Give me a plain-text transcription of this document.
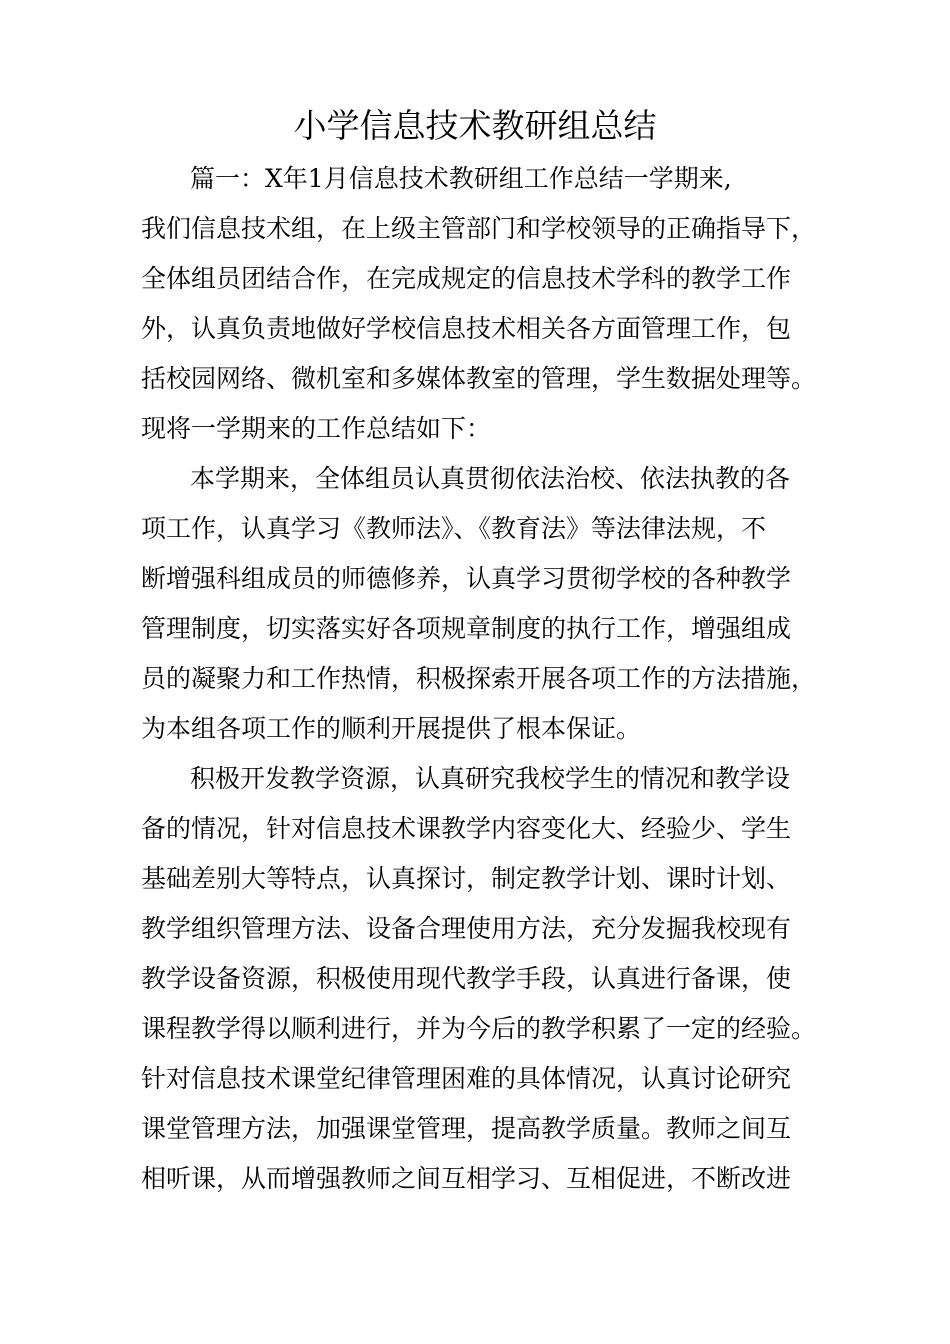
小学信息技术教研组总结

篇一：X年1月信息技术教研组工作总结一学期来,

我们信息技术组，在上级主管部门和学校领导的正确指导下，

全体组员团结合作，在完成规定的信息技术学科的教学工作

外，认真负责地做好学校信息技术相关各方面管理工作，包

括校园网络、微机室和多媒体教室的管理，学生数据处理等。

现将一学期来的工作总结如下：

本学期来，全体组员认真贯彻依法治校、依法执教的各

项工作，认真学习《教师法》、《教育法》等法律法规，不

断增强科组成员的师德修养，认真学习贯彻学校的各种教学

管理制度，切实落实好各项规章制度的执行工作，增强组成

员的凝聚力和工作热情，积极探索开展各项工作的方法措施，

为本组各项工作的顺利开展提供了根本保证。

积极开发教学资源，认真研究我校学生的情况和教学设

备的情况，针对信息技术课教学内容变化大、经验少、学生

基础差别大等特点，认真探讨，制定教学计划、课时计划、

教学组织管理方法、设备合理使用方法，充分发掘我校现有

教学设备资源，积极使用现代教学手段，认真进行备课，使

课程教学得以顺利进行，并为今后的教学积累了一定的经验。

针对信息技术课堂纪律管理困难的具体情况，认真讨论研究

课堂管理方法，加强课堂管理，提高教学质量。教师之间互

相听课，从而增强教师之间互相学习、互相促进，不断改进
